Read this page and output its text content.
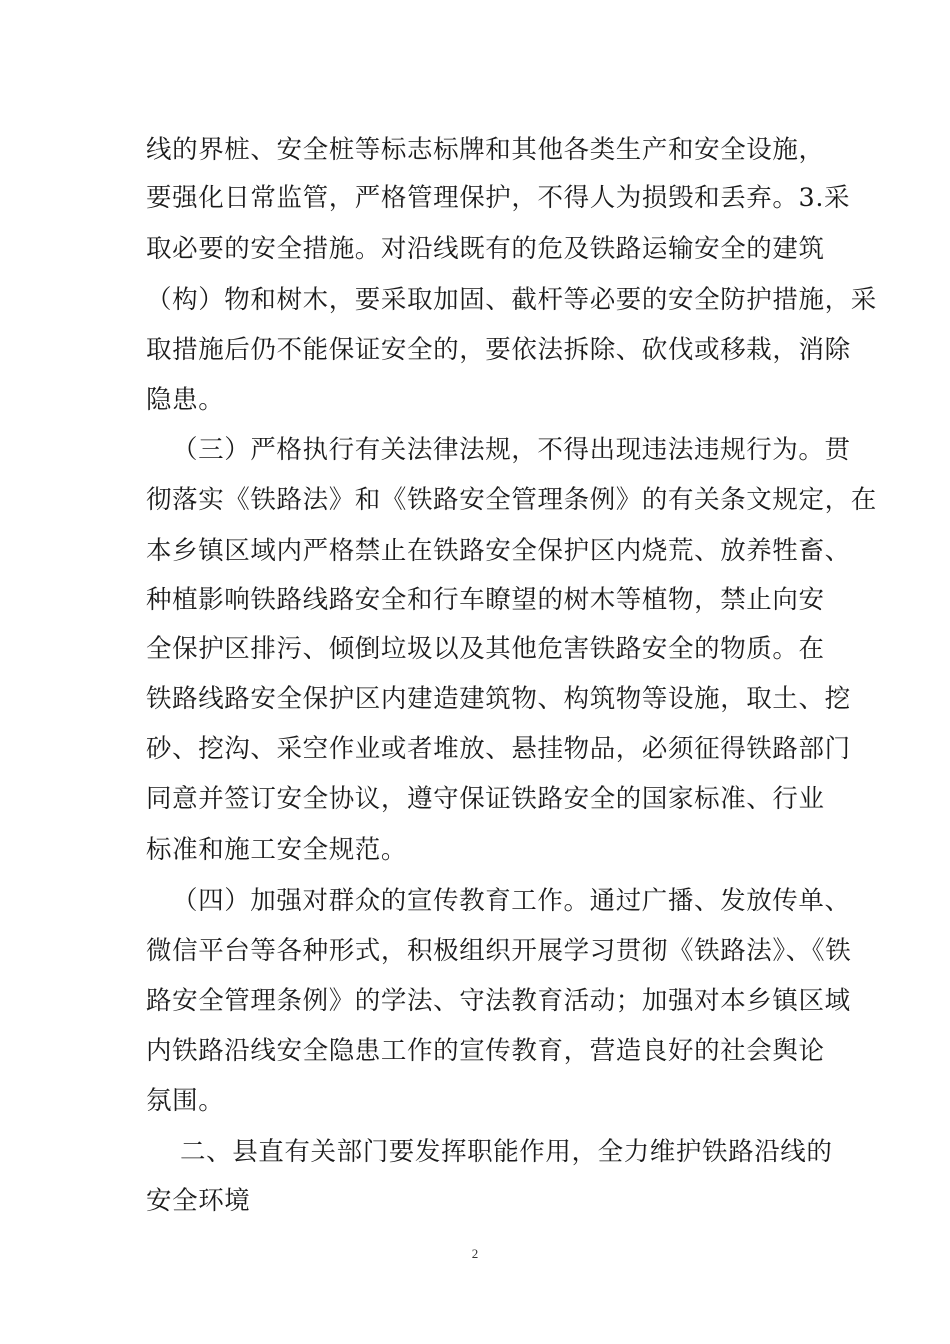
线的界桩、安全桩等标志标牌和其他各类生产和安全设施，
要强化日常监管，严格管理保护，不得人为损毁和丢弃。3.采
取必要的安全措施。对沿线既有的危及铁路运输安全的建筑
（构）物和树木，要采取加固、截杆等必要的安全防护措施，采
取措施后仍不能保证安全的，要依法拆除、砍伐或移栽，消除
隐患。
（三）严格执行有关法律法规，不得出现违法违规行为。贯
彻落实《铁路法》和《铁路安全管理条例》的有关条文规定，在
本乡镇区域内严格禁止在铁路安全保护区内烧荒、放养牲畜、
种植影响铁路线路安全和行车瞭望的树木等植物，禁止向安
全保护区排污、倾倒垃圾以及其他危害铁路安全的物质。在
铁路线路安全保护区内建造建筑物、构筑物等设施，取土、挖
砂、挖沟、采空作业或者堆放、悬挂物品，必须征得铁路部门
同意并签订安全协议，遵守保证铁路安全的国家标准、行业
标准和施工安全规范。
（四）加强对群众的宣传教育工作。通过广播、发放传单、
微信平台等各种形式，积极组织开展学习贯彻《铁路法》、《铁
路安全管理条例》的学法、守法教育活动；加强对本乡镇区域
内铁路沿线安全隐患工作的宣传教育，营造良好的社会舆论
氛围。
二、县直有关部门要发挥职能作用，全力维护铁路沿线的
安全环境
2
